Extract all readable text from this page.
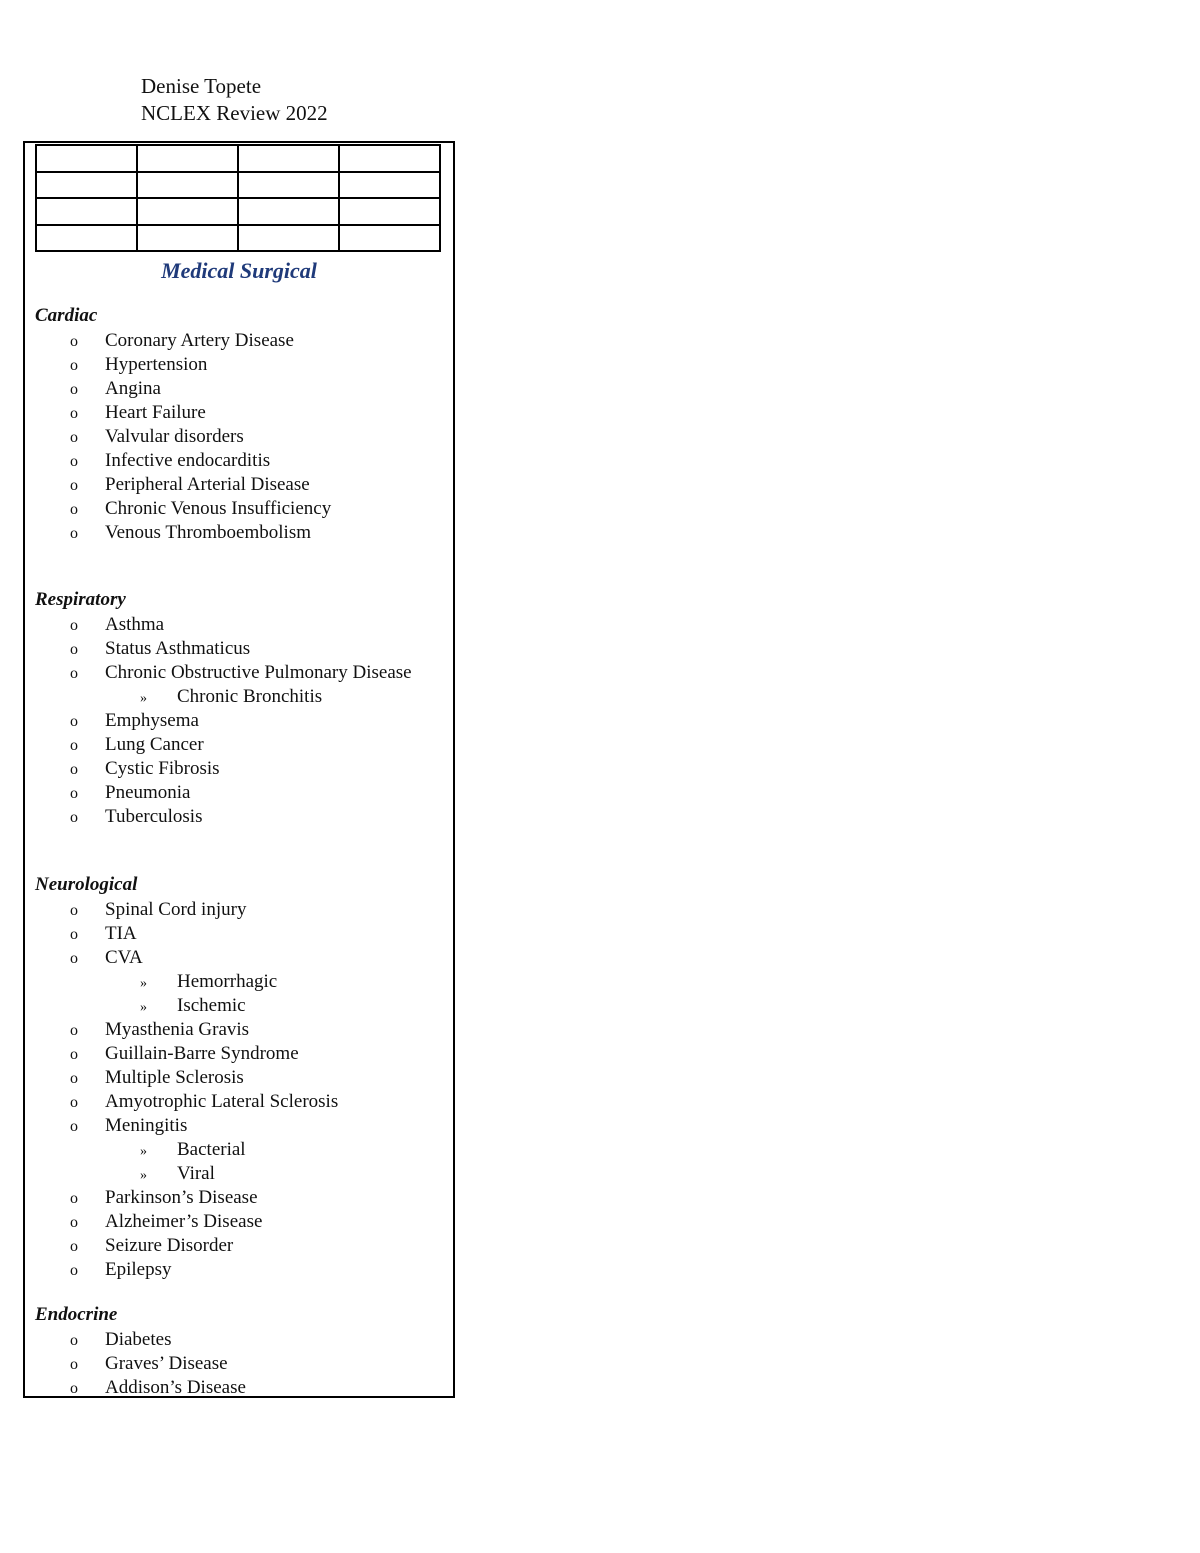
Denise Topete
NCLEX Review 2022

Medical Surgical
Cardiac
o Coronary Artery Disease
o Hypertension
o Angina
o Heart Failure
o Valvular disorders
o Infective endocarditis
o Peripheral Arterial Disease
o Chronic Venous Insufficiency
o Venous Thromboembolism
Respiratory
o Asthma
o Status Asthmaticus
o Chronic Obstructive Pulmonary Disease
» Chronic Bronchitis
o Emphysema
o Lung Cancer
o Cystic Fibrosis
o Pneumonia
o Tuberculosis
Neurological
o Spinal Cord injury
o TIA
o CVA
» Hemorrhagic
» Ischemic
o Myasthenia Gravis
o Guillain-Barre Syndrome
o Multiple Sclerosis
o Amyotrophic Lateral Sclerosis
o Meningitis
» Bacterial
» Viral
o Parkinson’s Disease
o Alzheimer’s Disease
o Seizure Disorder
o Epilepsy
Endocrine
o Diabetes
o Graves’ Disease
o Addison’s Disease
